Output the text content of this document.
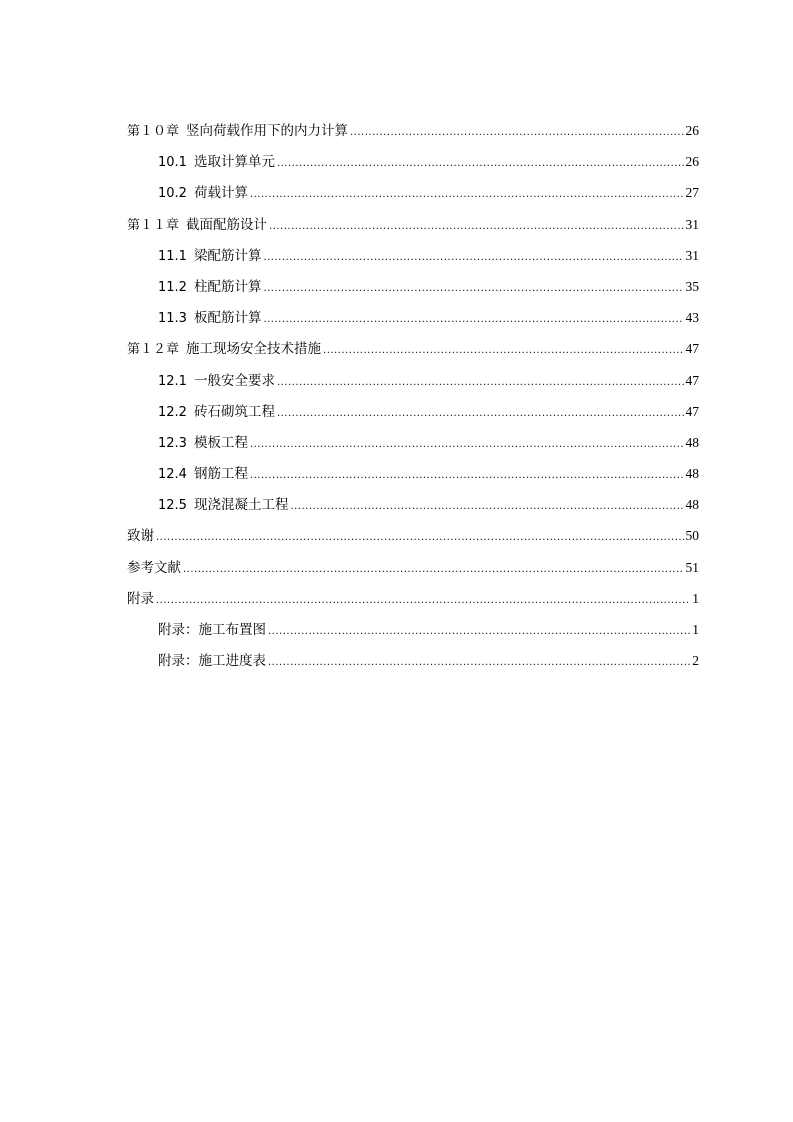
第１０章 竖向荷载作用下的内力计算 .....	26
10.1 选取计算单元 .....	26
10.2 荷载计算 .....	27
第１１章 截面配筋设计 .....	31
11.1 梁配筋计算 .....	31
11.2 柱配筋计算 .....	35
11.3 板配筋计算 .....	43
第１２章 施工现场安全技术措施 .....	47
12.1 一般安全要求 .....	47
12.2 砖石砌筑工程 .....	47
12.3 模板工程 .....	48
12.4 钢筋工程 .....	48
12.5 现浇混凝土工程 .....	48
致谢 .....	50
参考文献 .....	51
附录 .....	1
附录：施工布置图 .....	1
附录：施工进度表 .....	2
